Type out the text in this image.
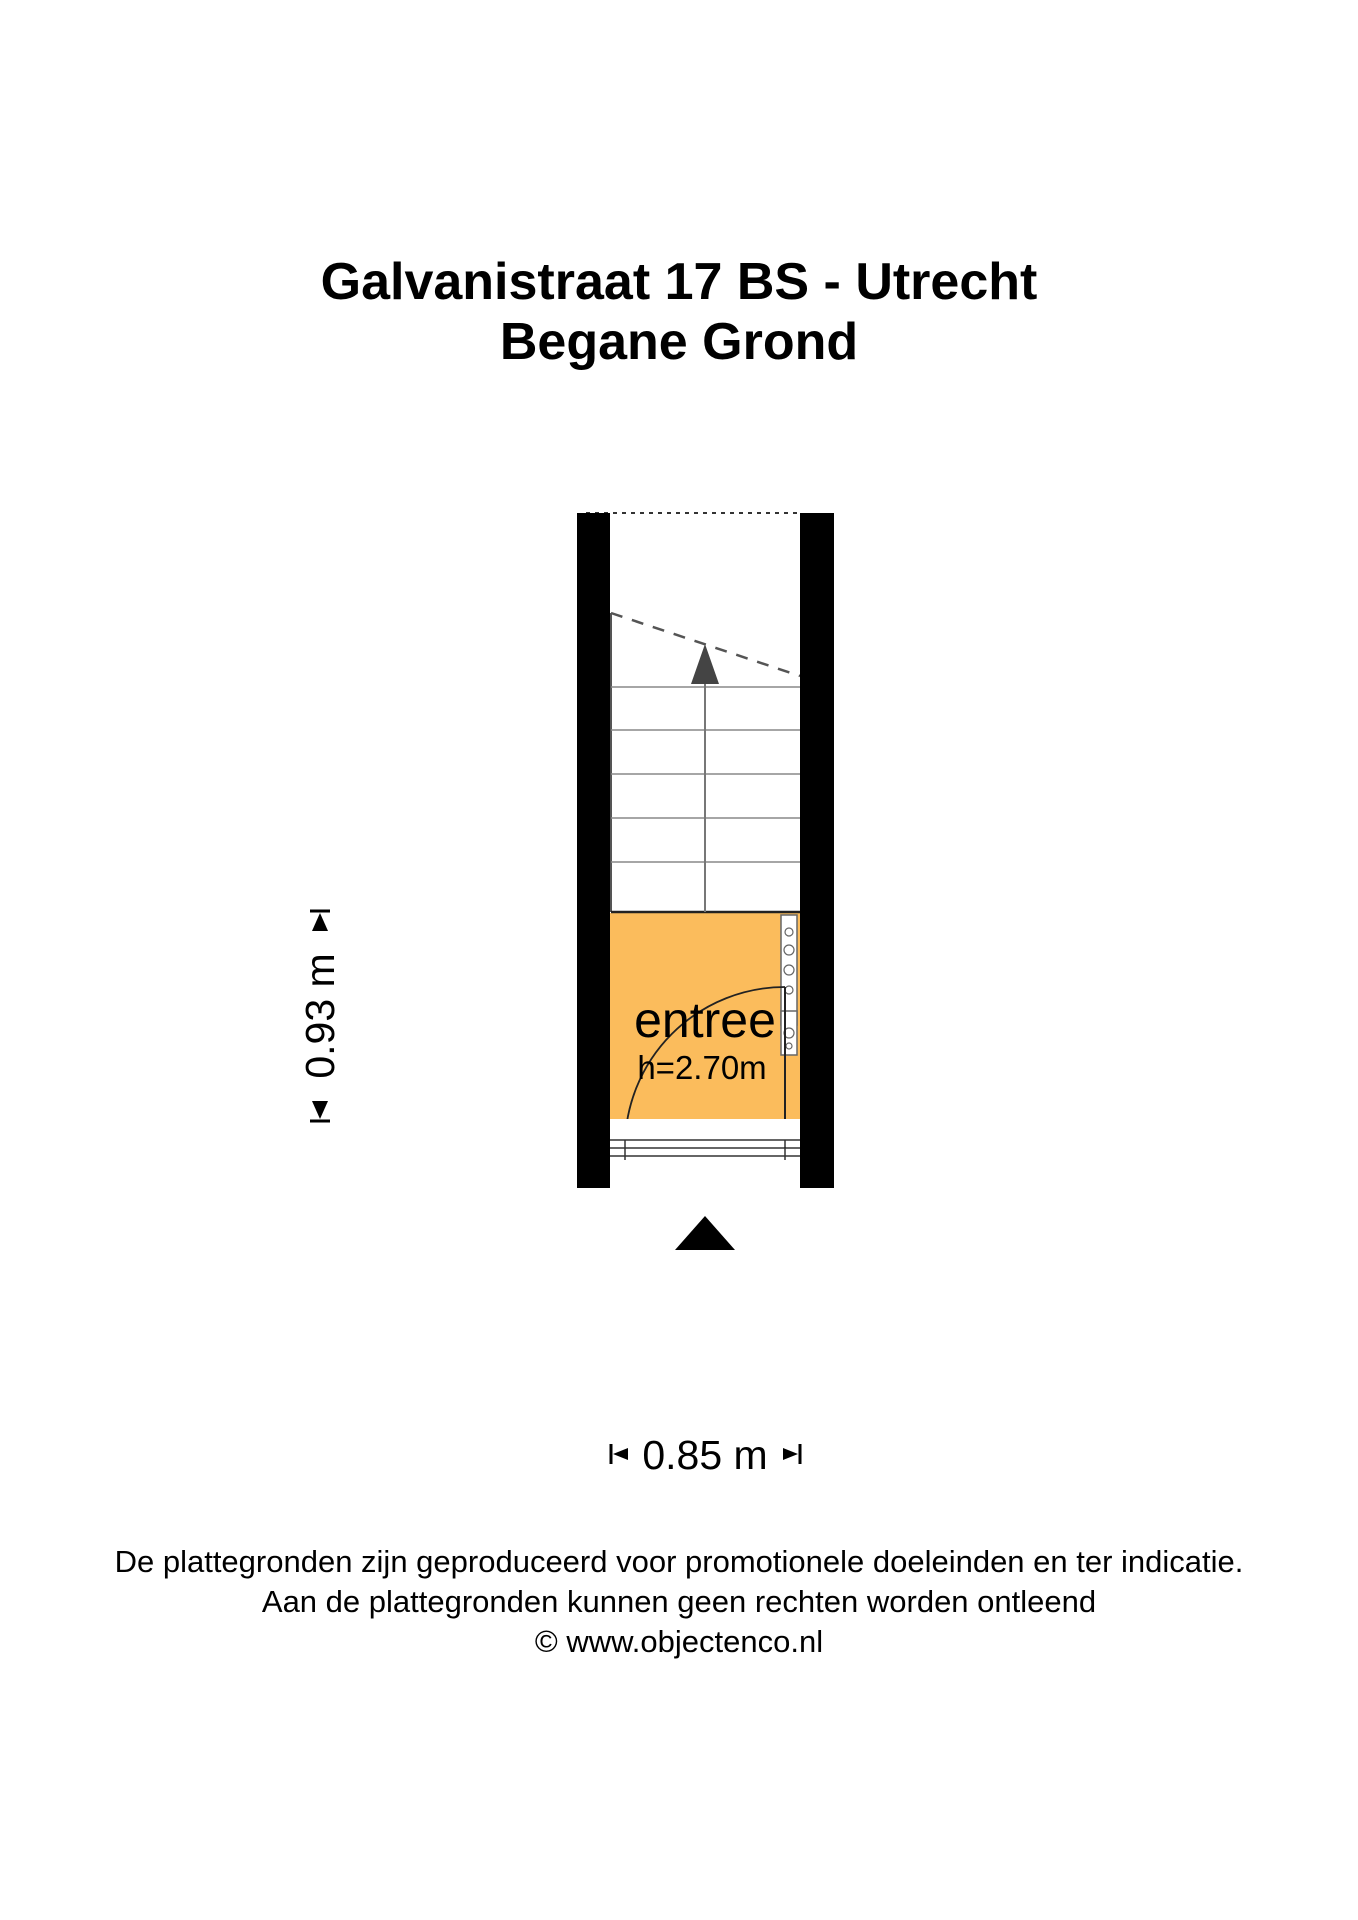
Galvanistraat 17 BS - Utrecht
Begane Grond
entree
h=2.70m
0.93 m
0.85 m
De plattegronden zijn geproduceerd voor promotionele doeleinden en ter indicatie.
Aan de plattegronden kunnen geen rechten worden ontleend
© www.objectenco.nl
